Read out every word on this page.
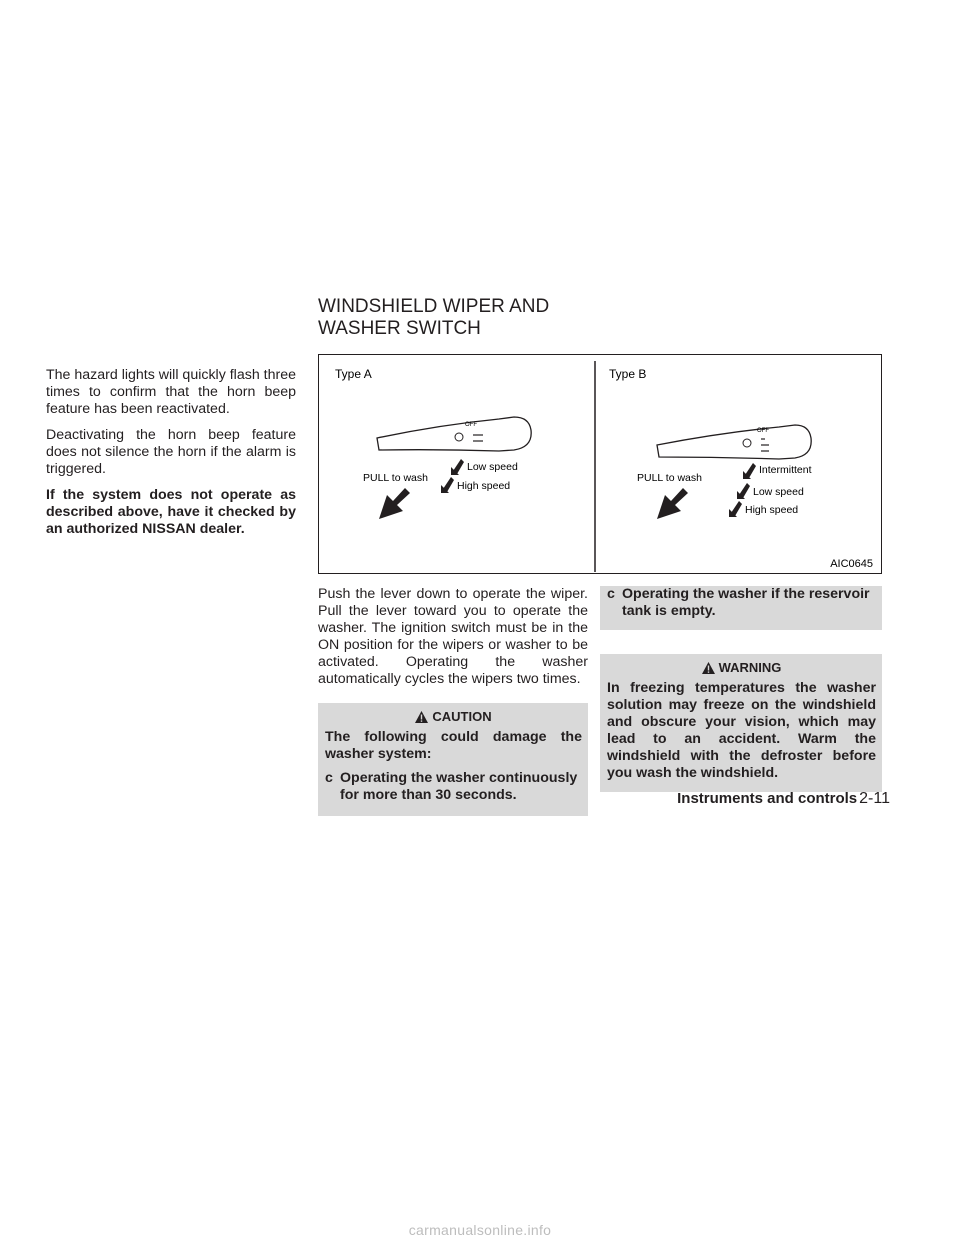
WINDSHIELD WIPER AND
WASHER SWITCH

The hazard lights will quickly flash three times to confirm that the horn beep feature has been reactivated.

Deactivating the horn beep feature does not silence the horn if the alarm is triggered.

If the system does not operate as described above, have it checked by an authorized NISSAN dealer.

Type A
OFF
PULL to wash
Low speed
High speed
Type B
OFF
PULL to wash
Intermittent
Low speed
High speed
AIC0645

Push the lever down to operate the wiper. Pull the lever toward you to operate the washer. The ignition switch must be in the ON position for the wipers or washer to be activated. Operating the washer automatically cycles the wipers two times.

CAUTION

The following could damage the washer system:

c Operating the washer continuously for more than 30 seconds.
c Operating the washer if the reservoir tank is empty.
WARNING

In freezing temperatures the washer solution may freeze on the windshield and obscure your vision, which may lead to an accident. Warm the windshield with the defroster before you wash the windshield.

Instruments and controls 2-11
carmanualsonline.info
